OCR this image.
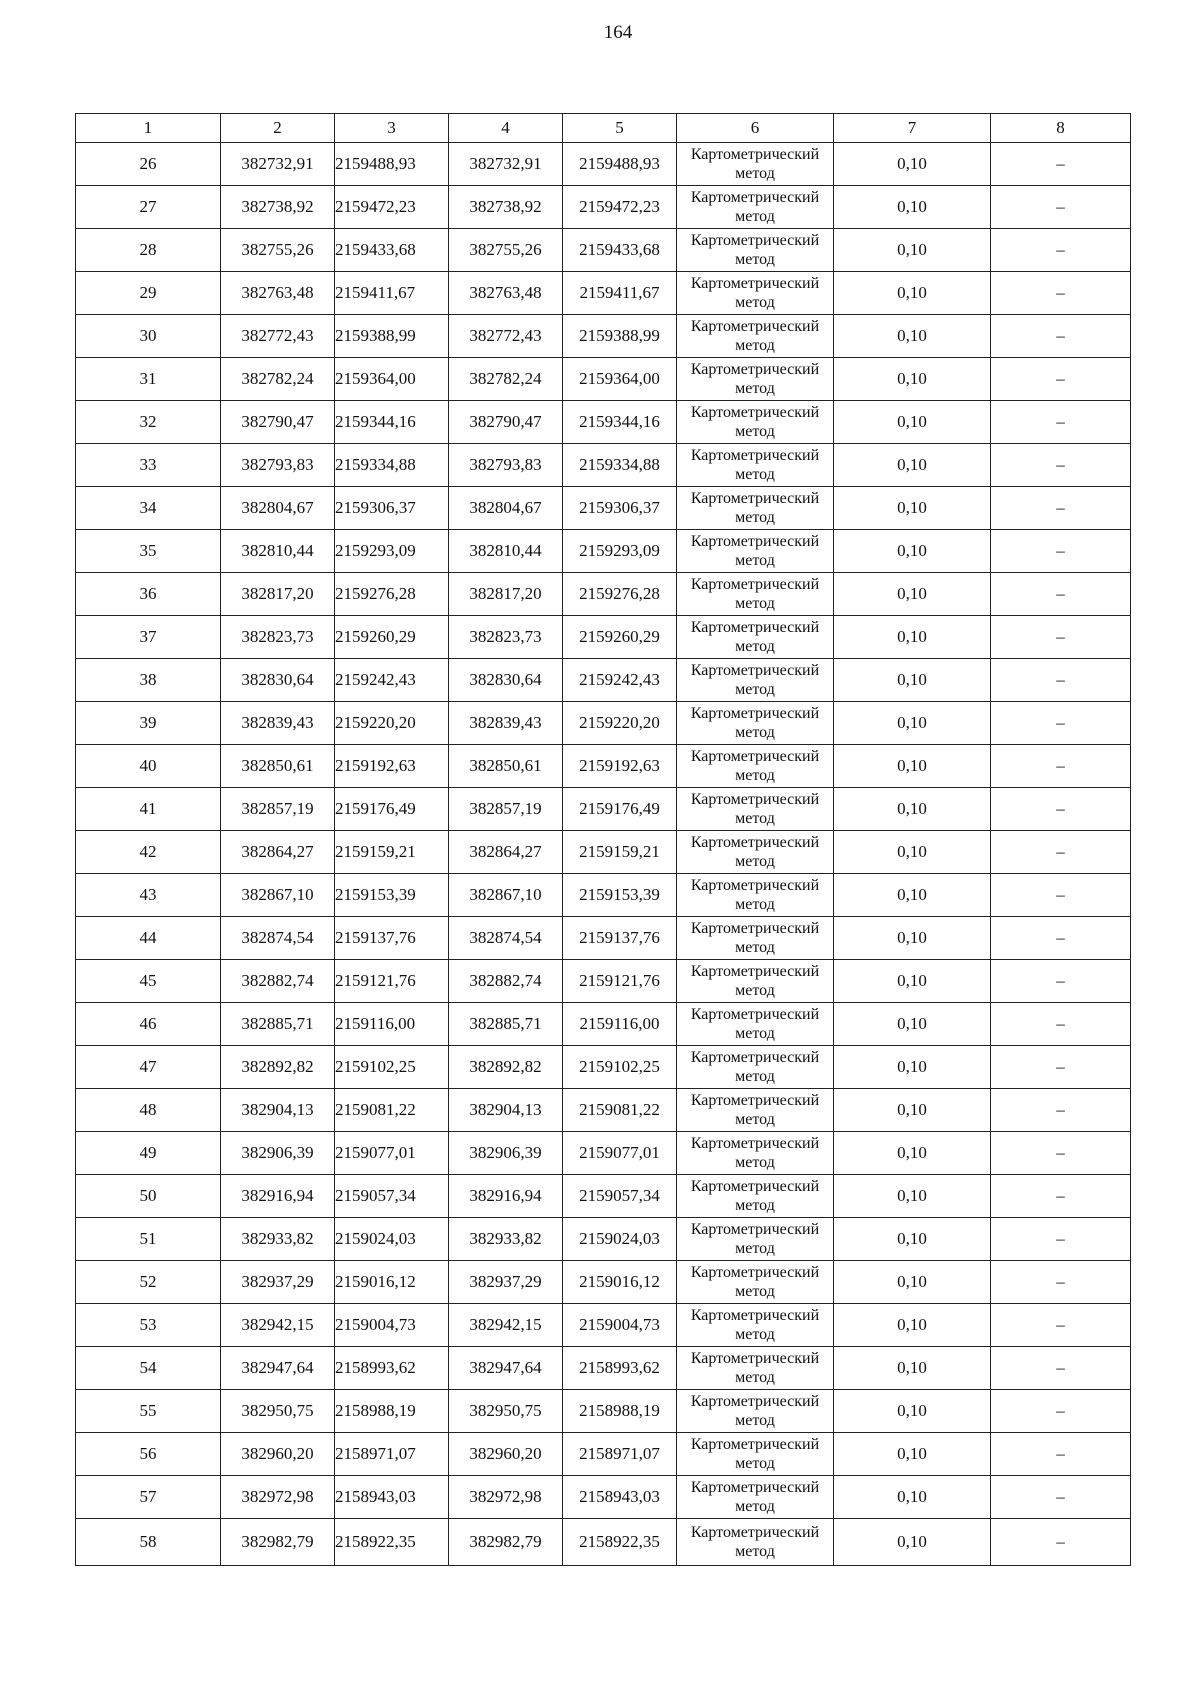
164
1	2	3	4	5	6	7	8
26	382732,91	2159488,93	382732,91	2159488,93	Картометрический
метод	0,10	–
27	382738,92	2159472,23	382738,92	2159472,23	Картометрический
метод	0,10	–
28	382755,26	2159433,68	382755,26	2159433,68	Картометрический
метод	0,10	–
29	382763,48	2159411,67	382763,48	2159411,67	Картометрический
метод	0,10	–
30	382772,43	2159388,99	382772,43	2159388,99	Картометрический
метод	0,10	–
31	382782,24	2159364,00	382782,24	2159364,00	Картометрический
метод	0,10	–
32	382790,47	2159344,16	382790,47	2159344,16	Картометрический
метод	0,10	–
33	382793,83	2159334,88	382793,83	2159334,88	Картометрический
метод	0,10	–
34	382804,67	2159306,37	382804,67	2159306,37	Картометрический
метод	0,10	–
35	382810,44	2159293,09	382810,44	2159293,09	Картометрический
метод	0,10	–
36	382817,20	2159276,28	382817,20	2159276,28	Картометрический
метод	0,10	–
37	382823,73	2159260,29	382823,73	2159260,29	Картометрический
метод	0,10	–
38	382830,64	2159242,43	382830,64	2159242,43	Картометрический
метод	0,10	–
39	382839,43	2159220,20	382839,43	2159220,20	Картометрический
метод	0,10	–
40	382850,61	2159192,63	382850,61	2159192,63	Картометрический
метод	0,10	–
41	382857,19	2159176,49	382857,19	2159176,49	Картометрический
метод	0,10	–
42	382864,27	2159159,21	382864,27	2159159,21	Картометрический
метод	0,10	–
43	382867,10	2159153,39	382867,10	2159153,39	Картометрический
метод	0,10	–
44	382874,54	2159137,76	382874,54	2159137,76	Картометрический
метод	0,10	–
45	382882,74	2159121,76	382882,74	2159121,76	Картометрический
метод	0,10	–
46	382885,71	2159116,00	382885,71	2159116,00	Картометрический
метод	0,10	–
47	382892,82	2159102,25	382892,82	2159102,25	Картометрический
метод	0,10	–
48	382904,13	2159081,22	382904,13	2159081,22	Картометрический
метод	0,10	–
49	382906,39	2159077,01	382906,39	2159077,01	Картометрический
метод	0,10	–
50	382916,94	2159057,34	382916,94	2159057,34	Картометрический
метод	0,10	–
51	382933,82	2159024,03	382933,82	2159024,03	Картометрический
метод	0,10	–
52	382937,29	2159016,12	382937,29	2159016,12	Картометрический
метод	0,10	–
53	382942,15	2159004,73	382942,15	2159004,73	Картометрический
метод	0,10	–
54	382947,64	2158993,62	382947,64	2158993,62	Картометрический
метод	0,10	–
55	382950,75	2158988,19	382950,75	2158988,19	Картометрический
метод	0,10	–
56	382960,20	2158971,07	382960,20	2158971,07	Картометрический
метод	0,10	–
57	382972,98	2158943,03	382972,98	2158943,03	Картометрический
метод	0,10	–
58	382982,79	2158922,35	382982,79	2158922,35	Картометрический
метод	0,10	–
